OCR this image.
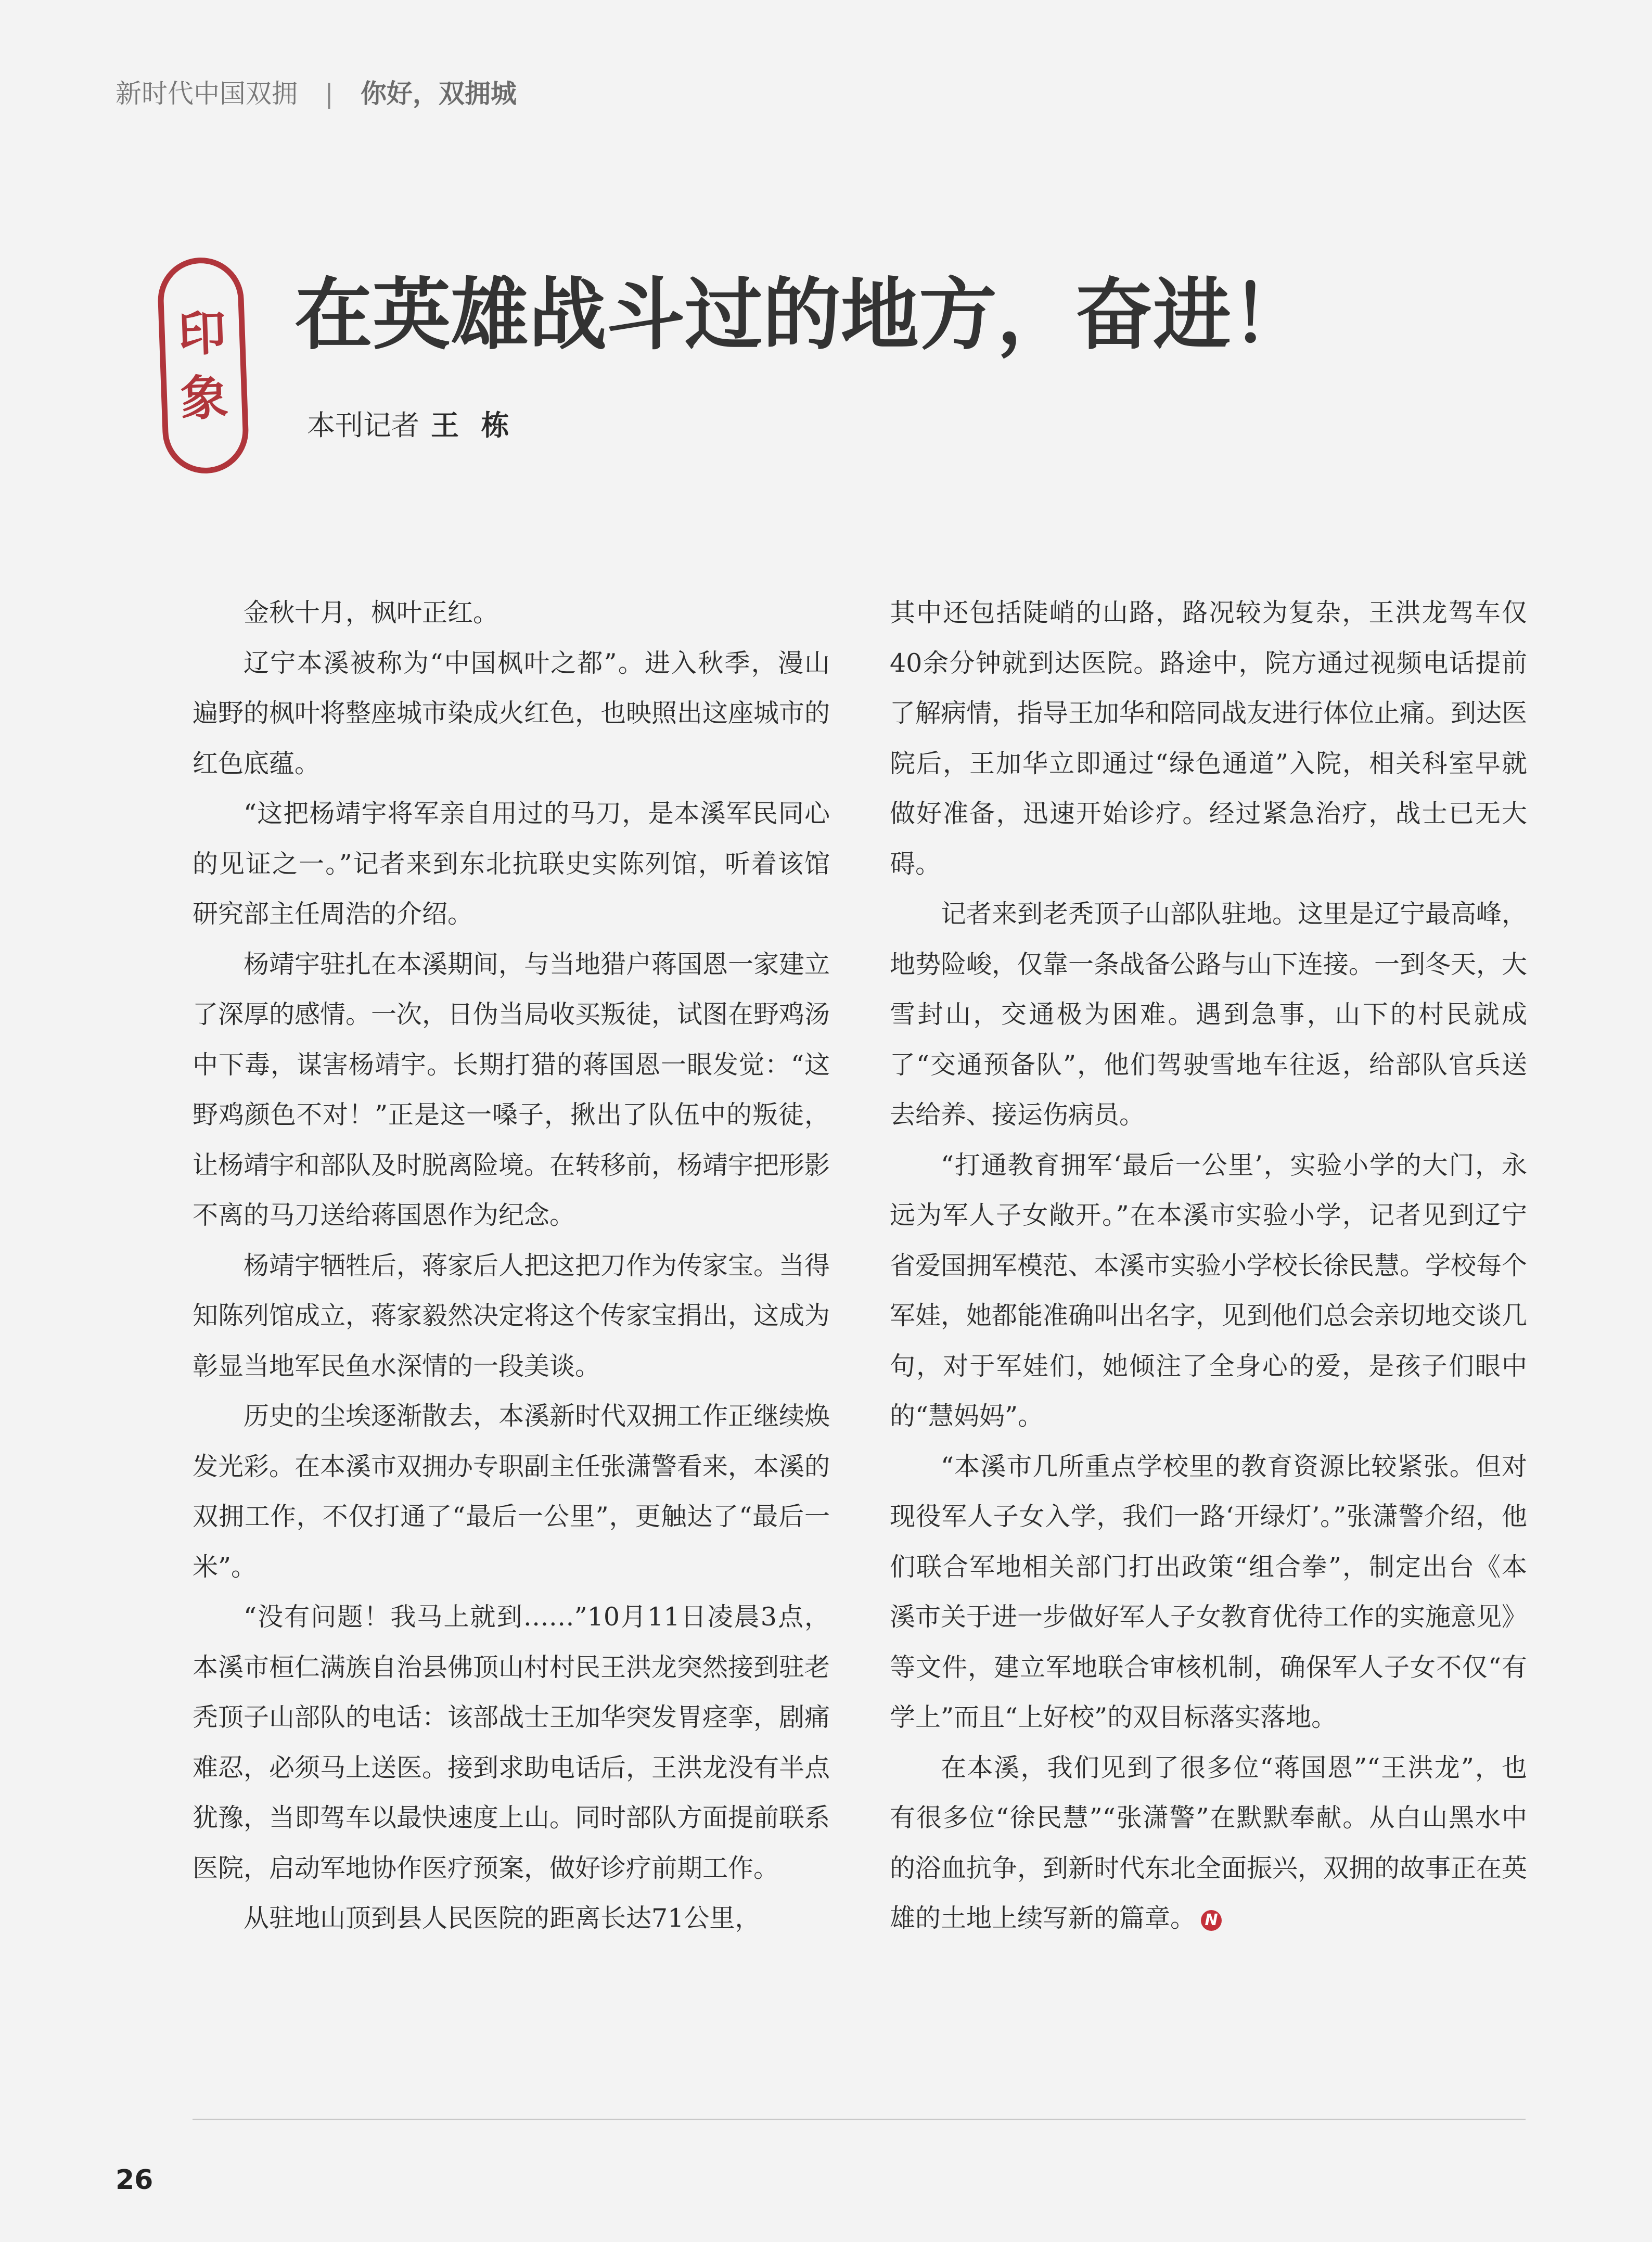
新时代中国双拥 | 你好，双拥城
印
象
在英雄战斗过的地方，奋进！
本刊记者 王 栋

金秋十月，枫叶正红。

辽宁本溪被称为“中国枫叶之都”。进入秋季，漫山遍野的枫叶将整座城市染成火红色，也映照出这座城市的红色底蕴。

“这把杨靖宇将军亲自用过的马刀，是本溪军民同心的见证之一。”记者来到东北抗联史实陈列馆，听着该馆研究部主任周浩的介绍。

杨靖宇驻扎在本溪期间，与当地猎户蒋国恩一家建立了深厚的感情。一次，日伪当局收买叛徒，试图在野鸡汤中下毒，谋害杨靖宇。长期打猎的蒋国恩一眼发觉：“这野鸡颜色不对！”正是这一嗓子，揪出了队伍中的叛徒，让杨靖宇和部队及时脱离险境。在转移前，杨靖宇把形影不离的马刀送给蒋国恩作为纪念。

杨靖宇牺牲后，蒋家后人把这把刀作为传家宝。当得知陈列馆成立，蒋家毅然决定将这个传家宝捐出，这成为彰显当地军民鱼水深情的一段美谈。

历史的尘埃逐渐散去，本溪新时代双拥工作正继续焕发光彩。在本溪市双拥办专职副主任张潇警看来，本溪的双拥工作，不仅打通了“最后一公里”，更触达了“最后一米”。

“没有问题！我马上就到……”10月11日凌晨3点，本溪市桓仁满族自治县佛顶山村村民王洪龙突然接到驻老秃顶子山部队的电话：该部战士王加华突发胃痉挛，剧痛难忍，必须马上送医。接到求助电话后，王洪龙没有半点犹豫，当即驾车以最快速度上山。同时部队方面提前联系医院，启动军地协作医疗预案，做好诊疗前期工作。

从驻地山顶到县人民医院的距离长达71公里，

其中还包括陡峭的山路，路况较为复杂，王洪龙驾车仅40余分钟就到达医院。路途中，院方通过视频电话提前了解病情，指导王加华和陪同战友进行体位止痛。到达医院后，王加华立即通过“绿色通道”入院，相关科室早就做好准备，迅速开始诊疗。经过紧急治疗，战士已无大碍。

记者来到老秃顶子山部队驻地。这里是辽宁最高峰，地势险峻，仅靠一条战备公路与山下连接。一到冬天，大雪封山，交通极为困难。遇到急事，山下的村民就成了“交通预备队”，他们驾驶雪地车往返，给部队官兵送去给养、接运伤病员。

“打通教育拥军‘最后一公里’，实验小学的大门，永远为军人子女敞开。”在本溪市实验小学，记者见到辽宁省爱国拥军模范、本溪市实验小学校长徐民慧。学校每个军娃，她都能准确叫出名字，见到他们总会亲切地交谈几句，对于军娃们，她倾注了全身心的爱，是孩子们眼中的“慧妈妈”。

“本溪市几所重点学校里的教育资源比较紧张。但对现役军人子女入学，我们一路‘开绿灯’。”张潇警介绍，他们联合军地相关部门打出政策“组合拳”，制定出台《本溪市关于进一步做好军人子女教育优待工作的实施意见》等文件，建立军地联合审核机制，确保军人子女不仅“有学上”而且“上好校”的双目标落实落地。

在本溪，我们见到了很多位“蒋国恩”“王洪龙”，也有很多位“徐民慧”“张潇警”在默默奉献。从白山黑水中的浴血抗争，到新时代东北全面振兴，双拥的故事正在英雄的土地上续写新的篇章。 N

26
